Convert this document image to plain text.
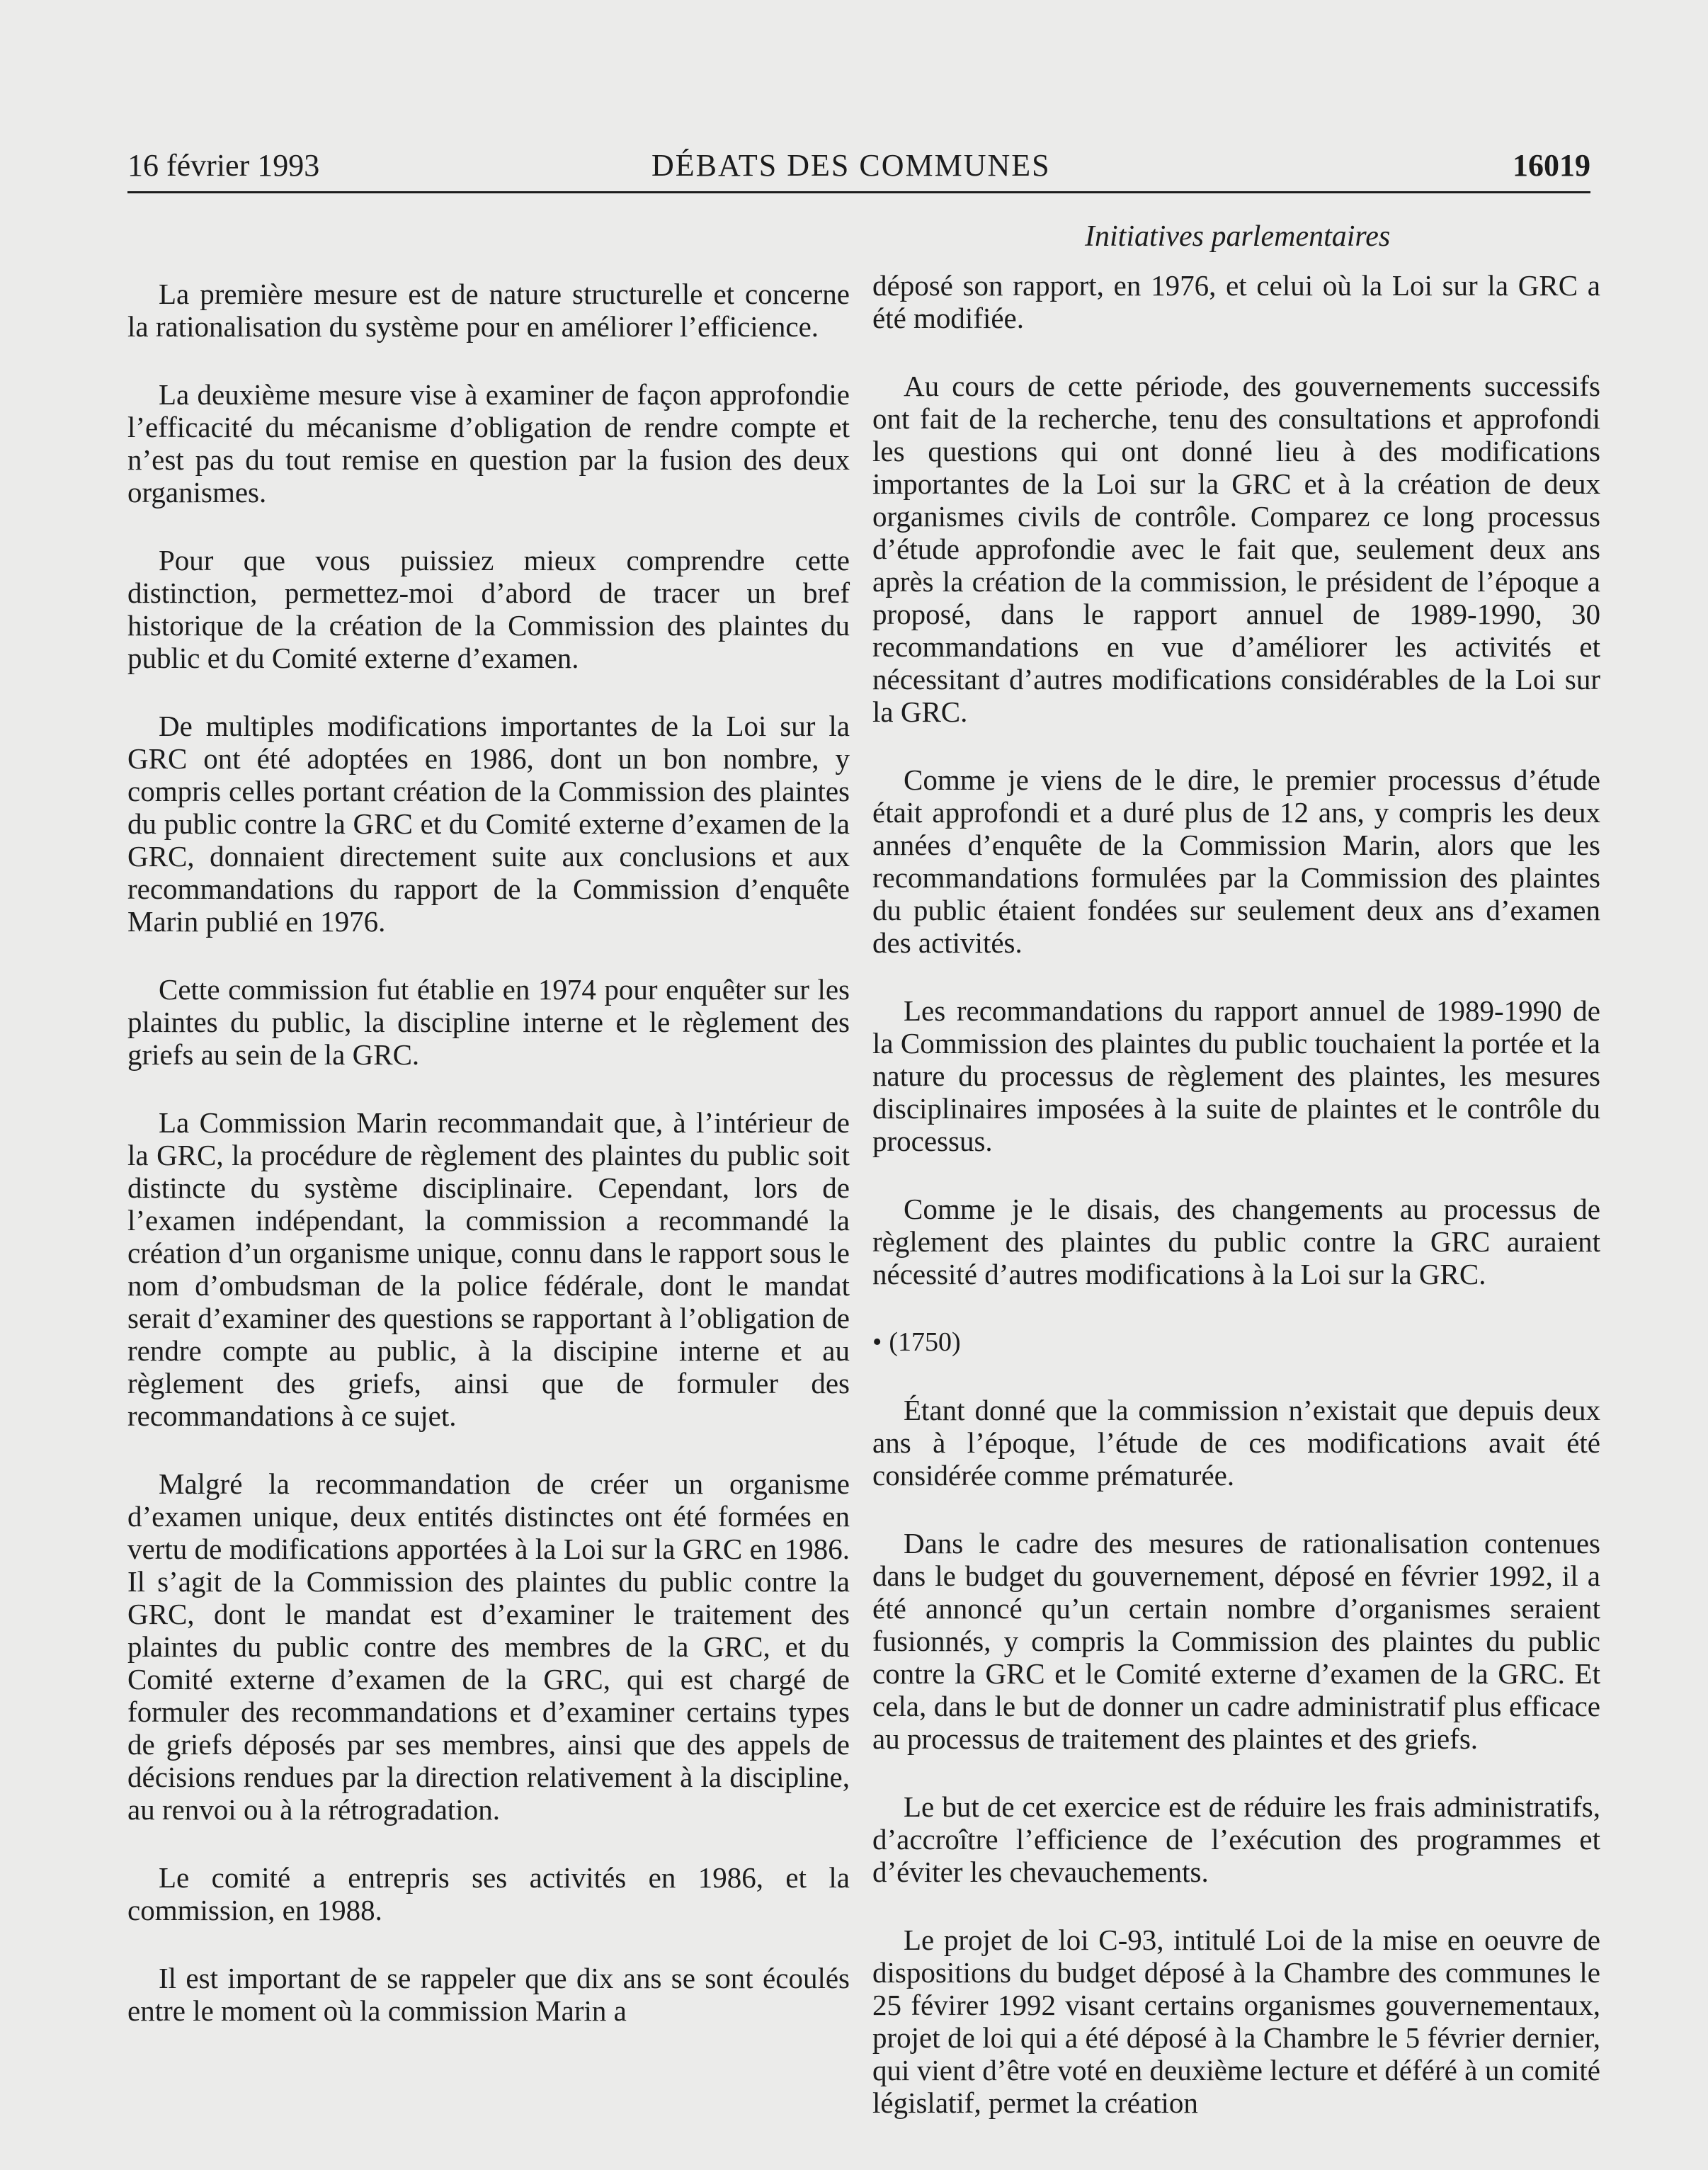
16 février 1993	DÉBATS DES COMMUNES	16019
Initiatives parlementaires

La première mesure est de nature structurelle et concerne la rationalisation du système pour en améliorer l’efficience.

La deuxième mesure vise à examiner de façon approfondie l’efficacité du mécanisme d’obligation de rendre compte et n’est pas du tout remise en question par la fusion des deux organismes.

Pour que vous puissiez mieux comprendre cette distinction, permettez-moi d’abord de tracer un bref historique de la création de la Commission des plaintes du public et du Comité externe d’examen.

De multiples modifications importantes de la Loi sur la GRC ont été adoptées en 1986, dont un bon nombre, y compris celles portant création de la Commission des plaintes du public contre la GRC et du Comité externe d’examen de la GRC, donnaient directement suite aux conclusions et aux recommandations du rapport de la Commission d’enquête Marin publié en 1976.

Cette commission fut établie en 1974 pour enquêter sur les plaintes du public, la discipline interne et le règlement des griefs au sein de la GRC.

La Commission Marin recommandait que, à l’intérieur de la GRC, la procédure de règlement des plaintes du public soit distincte du système disciplinaire. Cependant, lors de l’examen indépendant, la commission a recommandé la création d’un organisme unique, connu dans le rapport sous le nom d’ombudsman de la police fédérale, dont le mandat serait d’examiner des questions se rapportant à l’obligation de rendre compte au public, à la discipine interne et au règlement des griefs, ainsi que de formuler des recommandations à ce sujet.

Malgré la recommandation de créer un organisme d’examen unique, deux entités distinctes ont été formées en vertu de modifications apportées à la Loi sur la GRC en 1986. Il s’agit de la Commission des plaintes du public contre la GRC, dont le mandat est d’examiner le traitement des plaintes du public contre des membres de la GRC, et du Comité externe d’examen de la GRC, qui est chargé de formuler des recommandations et d’examiner certains types de griefs déposés par ses membres, ainsi que des appels de décisions rendues par la direction relativement à la discipline, au renvoi ou à la rétrogradation.

Le comité a entrepris ses activités en 1986, et la commission, en 1988.

Il est important de se rappeler que dix ans se sont écoulés entre le moment où la commission Marin a

déposé son rapport, en 1976, et celui où la Loi sur la GRC a été modifiée.

Au cours de cette période, des gouvernements successifs ont fait de la recherche, tenu des consultations et approfondi les questions qui ont donné lieu à des modifications importantes de la Loi sur la GRC et à la création de deux organismes civils de contrôle. Comparez ce long processus d’étude approfondie avec le fait que, seulement deux ans après la création de la commission, le président de l’époque a proposé, dans le rapport annuel de 1989-1990, 30 recommandations en vue d’améliorer les activités et nécessitant d’autres modifications considérables de la Loi sur la GRC.

Comme je viens de le dire, le premier processus d’étude était approfondi et a duré plus de 12 ans, y compris les deux années d’enquête de la Commission Marin, alors que les recommandations formulées par la Commission des plaintes du public étaient fondées sur seulement deux ans d’examen des activités.

Les recommandations du rapport annuel de 1989-1990 de la Commission des plaintes du public touchaient la portée et la nature du processus de règlement des plaintes, les mesures disciplinaires imposées à la suite de plaintes et le contrôle du processus.

Comme je le disais, des changements au processus de règlement des plaintes du public contre la GRC auraient nécessité d’autres modifications à la Loi sur la GRC.

• (1750)

Étant donné que la commission n’existait que depuis deux ans à l’époque, l’étude de ces modifications avait été considérée comme prématurée.

Dans le cadre des mesures de rationalisation contenues dans le budget du gouvernement, déposé en février 1992, il a été annoncé qu’un certain nombre d’organismes seraient fusionnés, y compris la Commission des plaintes du public contre la GRC et le Comité externe d’examen de la GRC. Et cela, dans le but de donner un cadre administratif plus efficace au processus de traitement des plaintes et des griefs.

Le but de cet exercice est de réduire les frais administratifs, d’accroître l’efficience de l’exécution des programmes et d’éviter les chevauchements.

Le projet de loi C-93, intitulé Loi de la mise en oeuvre de dispositions du budget déposé à la Chambre des communes le 25 févirer 1992 visant certains organismes gouvernementaux, projet de loi qui a été déposé à la Chambre le 5 février dernier, qui vient d’être voté en deuxième lecture et déféré à un comité législatif, permet la création
